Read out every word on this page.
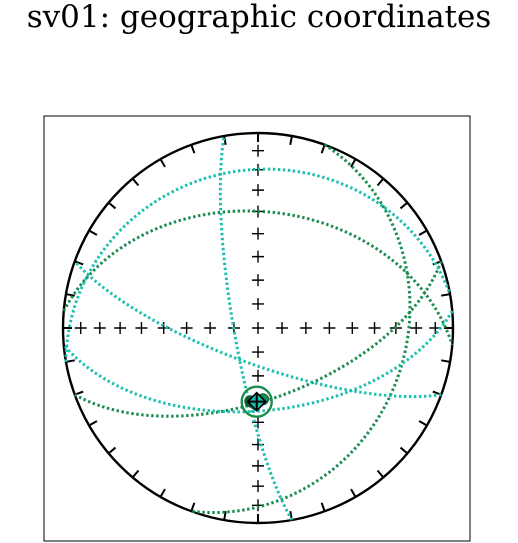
sv01: geographic coordinates
